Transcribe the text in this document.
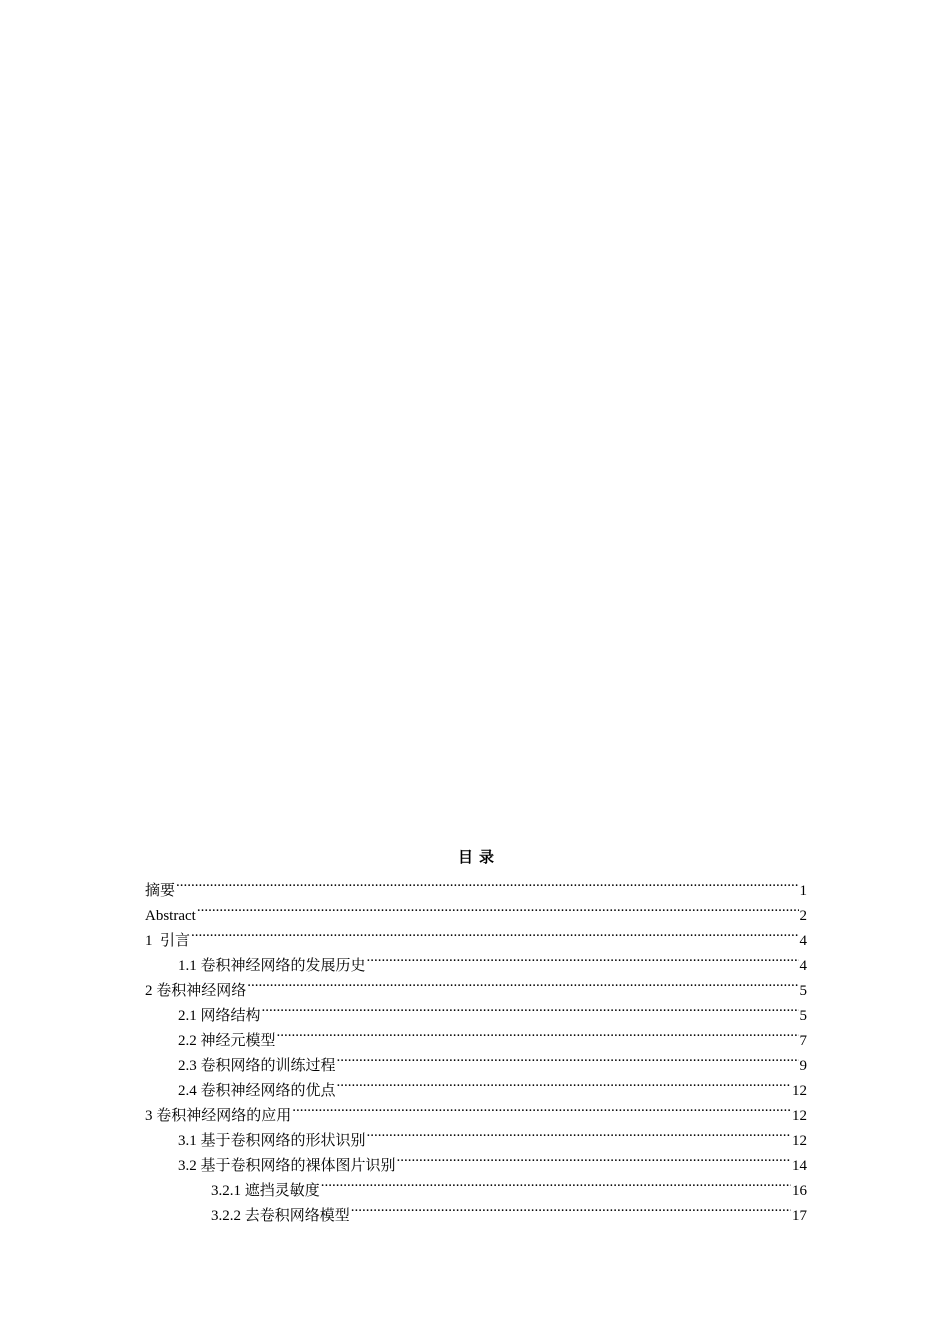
目录
摘要 .....	1
Abstract .....	2
1  引言 .....	4
1.1 卷积神经网络的发展历史 .....	4
2 卷积神经网络 .....	5
2.1 网络结构 .....	5
2.2 神经元模型 .....	7
2.3 卷积网络的训练过程 .....	9
2.4 卷积神经网络的优点 .....	12
3 卷积神经网络的应用 .....	12
3.1 基于卷积网络的形状识别 .....	12
3.2 基于卷积网络的裸体图片识别 .....	14
3.2.1 遮挡灵敏度 .....	16
3.2.2 去卷积网络模型 .....	17
